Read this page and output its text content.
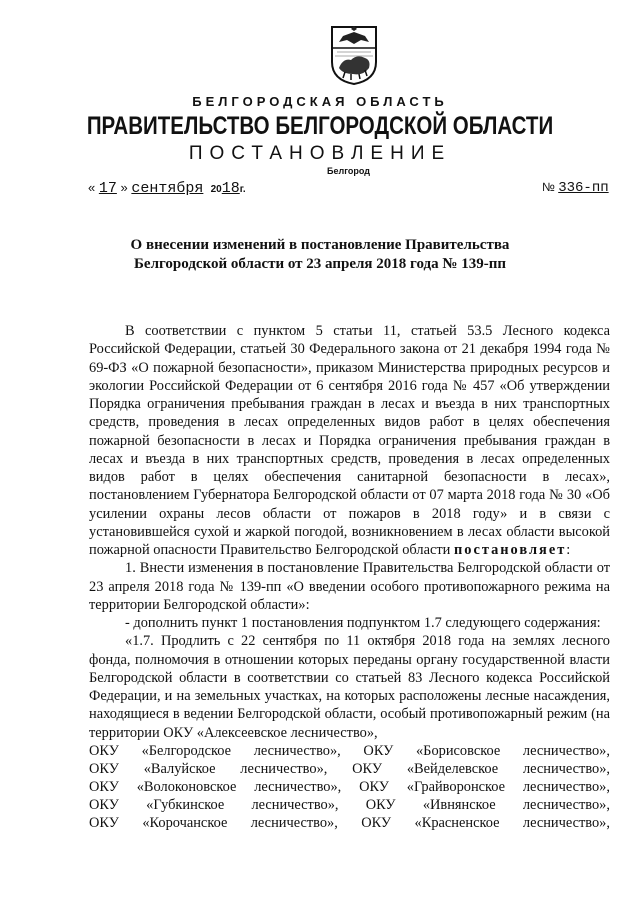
БЕЛГОРОДСКАЯ ОБЛАСТЬ
ПРАВИТЕЛЬСТВО БЕЛГОРОДСКОЙ ОБЛАСТИ
ПОСТАНОВЛЕНИЕ
Белгород
« 17 » сентября 2018г.	№ 336-пп
О внесении изменений в постановление Правительства
Белгородской области от 23 апреля 2018 года № 139-пп

В соответствии с пунктом 5 статьи 11, статьей 53.5 Лесного кодекса Российской Федерации, статьей 30 Федерального закона от 21 декабря 1994 года № 69-ФЗ «О пожарной безопасности», приказом Министерства природных ресурсов и экологии Российской Федерации от 6 сентября 2016 года № 457 «Об утверждении Порядка ограничения пребывания граждан в лесах и въезда в них транспортных средств, проведения в лесах определенных видов работ в целях обеспечения пожарной безопасности в лесах и Порядка ограничения пребывания граждан в лесах и въезда в них транспортных средств, проведения в лесах определенных видов работ в целях обеспечения санитарной безопасности в лесах», постановлением Губернатора Белгородской области от 07 марта 2018 года № 30 «Об усилении охраны лесов области от пожаров в 2018 году» и в связи с установившейся сухой и жаркой погодой, возникновением в лесах области высокой пожарной опасности Правительство Белгородской области постановляет:

1. Внести изменения в постановление Правительства Белгородской области от 23 апреля 2018 года № 139-пп «О введении особого противопожарного режима на территории Белгородской области»:

- дополнить пункт 1 постановления подпунктом 1.7 следующего содержания:

«1.7. Продлить с 22 сентября по 11 октября 2018 года на землях лесного фонда, полномочия в отношении которых переданы органу государственной власти Белгородской области в соответствии со статьей 83 Лесного кодекса Российской Федерации, и на земельных участках, на которых расположены лесные насаждения, находящиеся в ведении Белгородской области, особый противопожарный режим (на территории ОКУ «Алексеевское лесничество»,

ОКУ «Белгородское лесничество», ОКУ «Борисовское лесничество»,
ОКУ «Валуйское лесничество», ОКУ «Вейделевское лесничество»,
ОКУ «Волоконовское лесничество», ОКУ «Грайворонское лесничество»,
ОКУ «Губкинское лесничество», ОКУ «Ивнянское лесничество»,
ОКУ «Корочанское лесничество», ОКУ «Красненское лесничество»,
